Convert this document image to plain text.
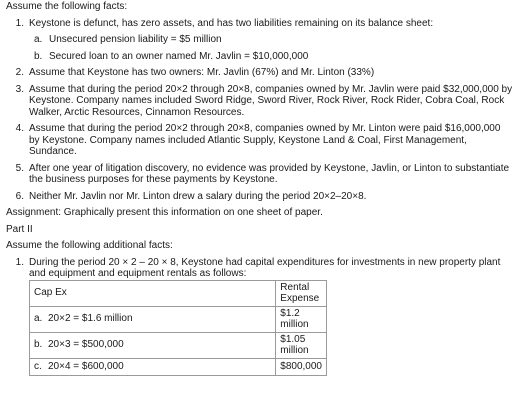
Assume the following facts:

1. Keystone is defunct, has zero assets, and has two liabilities remaining on its balance sheet:
a. Unsecured pension liability = $5 million
b. Secured loan to an owner named Mr. Javlin = $10,000,000
2. Assume that Keystone has two owners: Mr. Javlin (67%) and Mr. Linton (33%)
3. Assume that during the period 20×2 through 20×8, companies owned by Mr. Javlin were paid $32,000,000 by Keystone. Company names included Sword Ridge, Sword River, Rock River, Rock Rider, Cobra Coal, Rock Walker, Arctic Resources, Cinnamon Resources.
4. Assume that during the period 20×2 through 20×8, companies owned by Mr. Linton were paid $16,000,000 by Keystone. Company names included Atlantic Supply, Keystone Land & Coal, First Management, Sundance.
5. After one year of litigation discovery, no evidence was provided by Keystone, Javlin, or Linton to substantiate the business purposes for these payments by Keystone.
6. Neither Mr. Javlin nor Mr. Linton drew a salary during the period 20×2–20×8.

Assignment: Graphically present this information on one sheet of paper.

Part II

Assume the following additional facts:

1. During the period 20 × 2 – 20 × 8, Keystone had capital expenditures for investments in new property plant and equipment and equipment rentals as follows:
Cap Ex	Rental Expense
a. 20×2 = $1.6 million	$1.2 million
b. 20×3 = $500,000	$1.05 million
c. 20×4 = $600,000	$800,000
